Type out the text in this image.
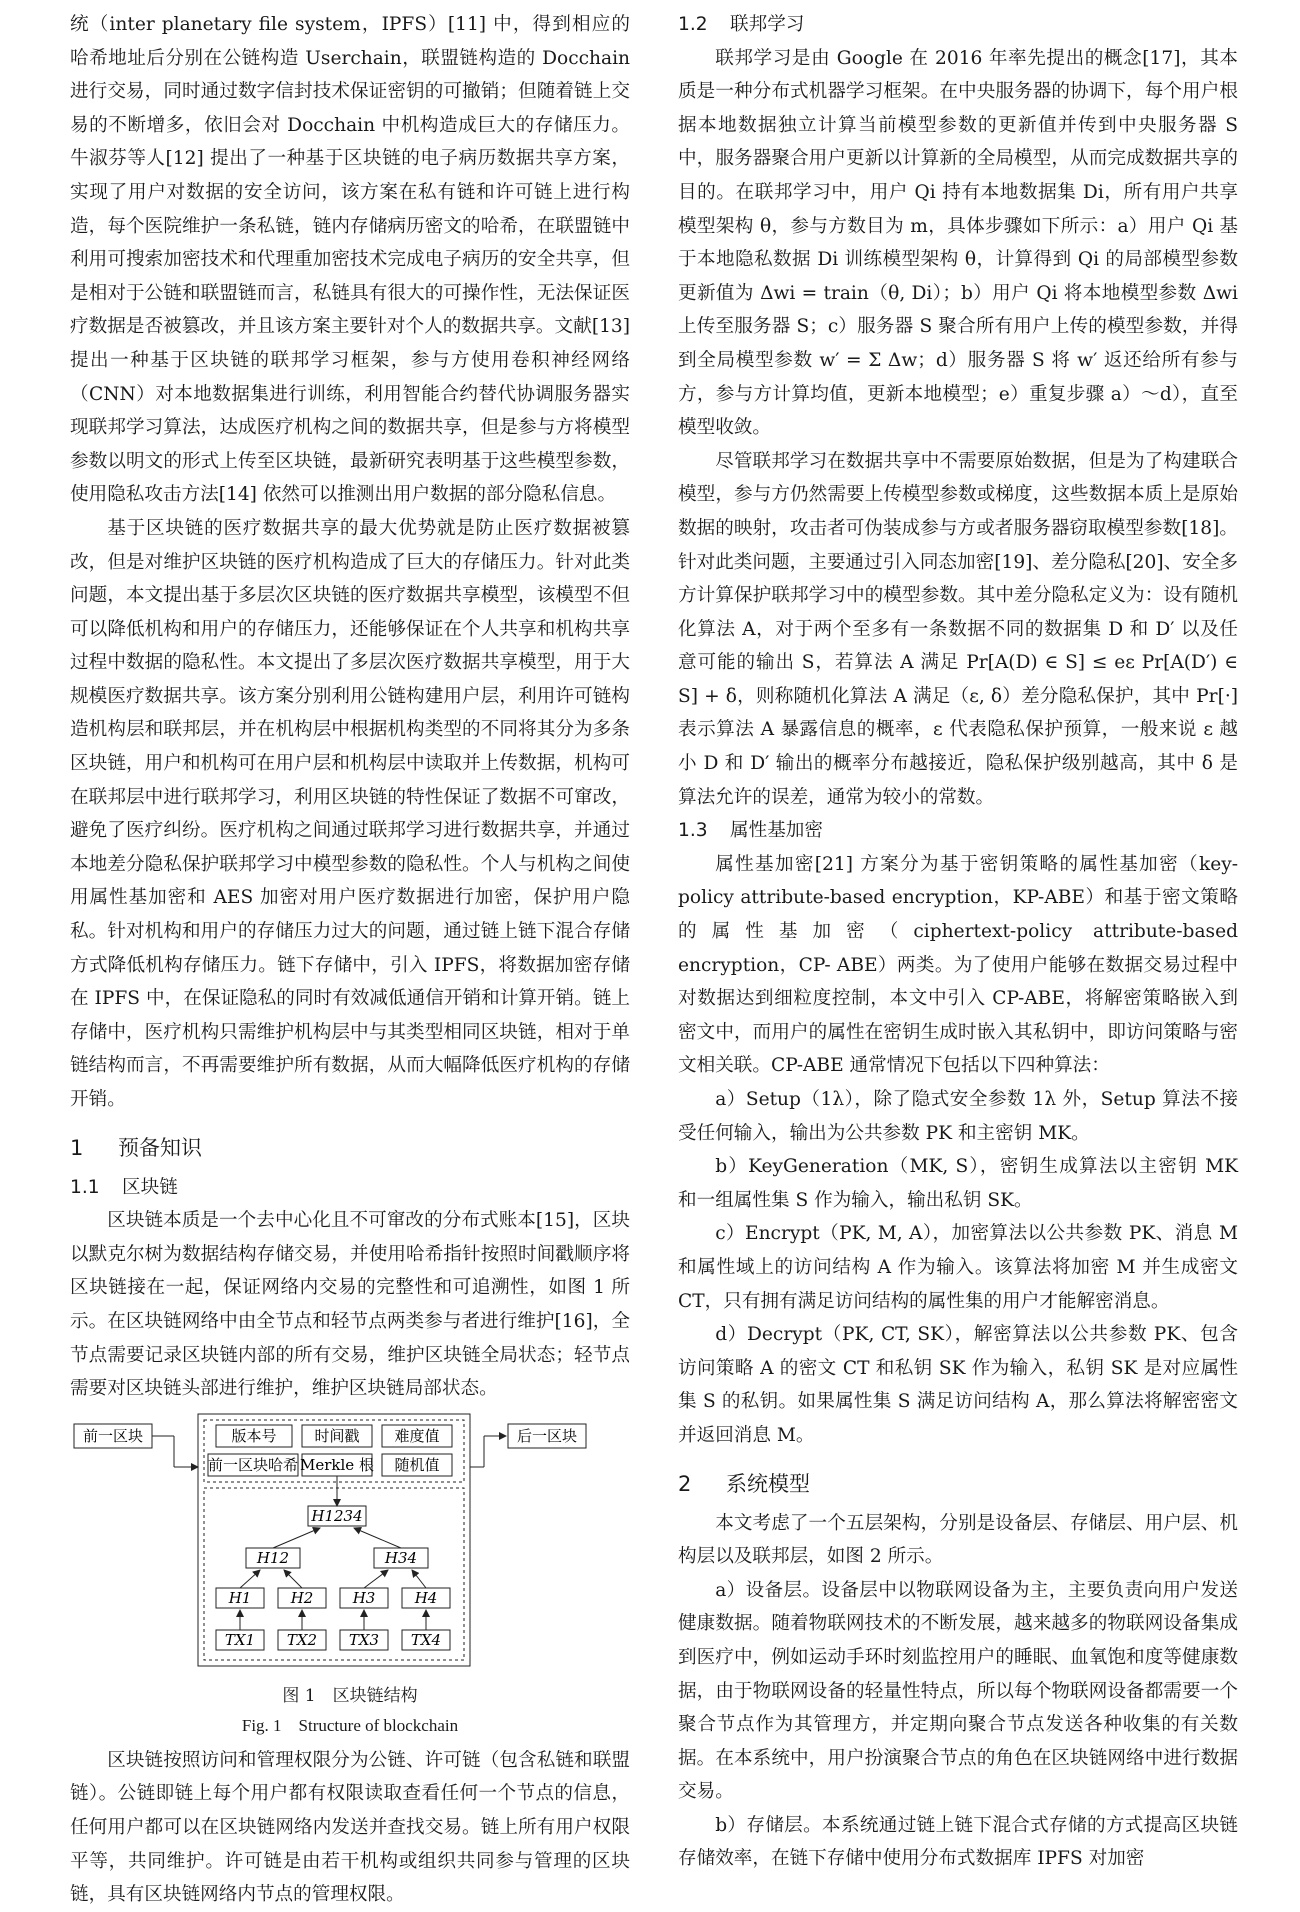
统（inter planetary file system，IPFS）[11] 中，得到相应的哈希地址后分别在公链构造 Userchain，联盟链构造的 Docchain 进行交易，同时通过数字信封技术保证密钥的可撤销；但随着链上交易的不断增多，依旧会对 Docchain 中机构造成巨大的存储压力。牛淑芬等人[12] 提出了一种基于区块链的电子病历数据共享方案，实现了用户对数据的安全访问，该方案在私有链和许可链上进行构造，每个医院维护一条私链，链内存储病历密文的哈希，在联盟链中利用可搜索加密技术和代理重加密技术完成电子病历的安全共享，但是相对于公链和联盟链而言，私链具有很大的可操作性，无法保证医疗数据是否被篡改，并且该方案主要针对个人的数据共享。文献[13]提出一种基于区块链的联邦学习框架，参与方使用卷积神经网络（CNN）对本地数据集进行训练，利用智能合约替代协调服务器实现联邦学习算法，达成医疗机构之间的数据共享，但是参与方将模型参数以明文的形式上传至区块链，最新研究表明基于这些模型参数，使用隐私攻击方法[14] 依然可以推测出用户数据的部分隐私信息。

基于区块链的医疗数据共享的最大优势就是防止医疗数据被篡改，但是对维护区块链的医疗机构造成了巨大的存储压力。针对此类问题，本文提出基于多层次区块链的医疗数据共享模型，该模型不但可以降低机构和用户的存储压力，还能够保证在个人共享和机构共享过程中数据的隐私性。本文提出了多层次医疗数据共享模型，用于大规模医疗数据共享。该方案分别利用公链构建用户层，利用许可链构造机构层和联邦层，并在机构层中根据机构类型的不同将其分为多条区块链，用户和机构可在用户层和机构层中读取并上传数据，机构可在联邦层中进行联邦学习，利用区块链的特性保证了数据不可窜改，避免了医疗纠纷。医疗机构之间通过联邦学习进行数据共享，并通过本地差分隐私保护联邦学习中模型参数的隐私性。个人与机构之间使用属性基加密和 AES 加密对用户医疗数据进行加密，保护用户隐私。针对机构和用户的存储压力过大的问题，通过链上链下混合存储方式降低机构存储压力。链下存储中，引入 IPFS，将数据加密存储在 IPFS 中，在保证隐私的同时有效减低通信开销和计算开销。链上存储中，医疗机构只需维护机构层中与其类型相同区块链，相对于单链结构而言，不再需要维护所有数据，从而大幅降低医疗机构的存储开销。

1 预备知识
1.1 区块链

区块链本质是一个去中心化且不可窜改的分布式账本[15]，区块以默克尔树为数据结构存储交易，并使用哈希指针按照时间戳顺序将区块链接在一起，保证网络内交易的完整性和可追溯性，如图 1 所示。在区块链网络中由全节点和轻节点两类参与者进行维护[16]，全节点需要记录区块链内部的所有交易，维护区块链全局状态；轻节点需要对区块链头部进行维护，维护区块链局部状态。

前一区块	后一区块
版本号	时间戳 难度值
前一区块哈希 Merkle 根 随机值
H1234
H12	H34
H1	H2	H3	H4
TX1 TX2 TX3 TX4
图 1　区块链结构
Fig. 1　Structure of blockchain

区块链按照访问和管理权限分为公链、许可链（包含私链和联盟链）。公链即链上每个用户都有权限读取查看任何一个节点的信息，任何用户都可以在区块链网络内发送并查找交易。链上所有用户权限平等，共同维护。许可链是由若干机构或组织共同参与管理的区块链，具有区块链网络内节点的管理权限。

1.2 联邦学习

联邦学习是由 Google 在 2016 年率先提出的概念[17]，其本质是一种分布式机器学习框架。在中央服务器的协调下，每个用户根据本地数据独立计算当前模型参数的更新值并传到中央服务器 S 中，服务器聚合用户更新以计算新的全局模型，从而完成数据共享的目的。在联邦学习中，用户 Qi 持有本地数据集 Di，所有用户共享模型架构 θ，参与方数目为 m，具体步骤如下所示：a）用户 Qi 基于本地隐私数据 Di 训练模型架构 θ，计算得到 Qi 的局部模型参数更新值为 Δwi = train（θ, Di）；b）用户 Qi 将本地模型参数 Δwi 上传至服务器 S；c）服务器 S 聚合所有用户上传的模型参数，并得到全局模型参数 w′ = Σ Δw；d）服务器 S 将 w′ 返还给所有参与方，参与方计算均值，更新本地模型；e）重复步骤 a）～d），直至模型收敛。

尽管联邦学习在数据共享中不需要原始数据，但是为了构建联合模型，参与方仍然需要上传模型参数或梯度，这些数据本质上是原始数据的映射，攻击者可伪装成参与方或者服务器窃取模型参数[18]。针对此类问题，主要通过引入同态加密[19]、差分隐私[20]、安全多方计算保护联邦学习中的模型参数。其中差分隐私定义为：设有随机化算法 A，对于两个至多有一条数据不同的数据集 D 和 D′ 以及任意可能的输出 S，若算法 A 满足 Pr[A(D) ∈ S] ≤ eε Pr[A(D′) ∈ S] + δ，则称随机化算法 A 满足（ε, δ）差分隐私保护，其中 Pr[·] 表示算法 A 暴露信息的概率，ε 代表隐私保护预算，一般来说 ε 越小 D 和 D′ 输出的概率分布越接近，隐私保护级别越高，其中 δ 是算法允许的误差，通常为较小的常数。

1.3 属性基加密

属性基加密[21] 方案分为基于密钥策略的属性基加密（key-policy attribute-based encryption，KP-ABE）和基于密文策略的属性基加密（ciphertext-policy attribute-based encryption，CP- ABE）两类。为了使用户能够在数据交易过程中对数据达到细粒度控制，本文中引入 CP-ABE，将解密策略嵌入到密文中，而用户的属性在密钥生成时嵌入其私钥中，即访问策略与密文相关联。CP-ABE 通常情况下包括以下四种算法：

a）Setup（1λ），除了隐式安全参数 1λ 外，Setup 算法不接受任何输入，输出为公共参数 PK 和主密钥 MK。

b）KeyGeneration（MK, S），密钥生成算法以主密钥 MK 和一组属性集 S 作为输入，输出私钥 SK。

c）Encrypt（PK, M, A），加密算法以公共参数 PK、消息 M 和属性域上的访问结构 A 作为输入。该算法将加密 M 并生成密文 CT，只有拥有满足访问结构的属性集的用户才能解密消息。

d）Decrypt（PK, CT, SK），解密算法以公共参数 PK、包含访问策略 A 的密文 CT 和私钥 SK 作为输入，私钥 SK 是对应属性集 S 的私钥。如果属性集 S 满足访问结构 A，那么算法将解密密文并返回消息 M。

2 系统模型

本文考虑了一个五层架构，分别是设备层、存储层、用户层、机构层以及联邦层，如图 2 所示。

a）设备层。设备层中以物联网设备为主，主要负责向用户发送健康数据。随着物联网技术的不断发展，越来越多的物联网设备集成到医疗中，例如运动手环时刻监控用户的睡眠、血氧饱和度等健康数据，由于物联网设备的轻量性特点，所以每个物联网设备都需要一个聚合节点作为其管理方，并定期向聚合节点发送各种收集的有关数据。在本系统中，用户扮演聚合节点的角色在区块链网络中进行数据交易。

b）存储层。本系统通过链上链下混合式存储的方式提高区块链存储效率，在链下存储中使用分布式数据库 IPFS 对加密
